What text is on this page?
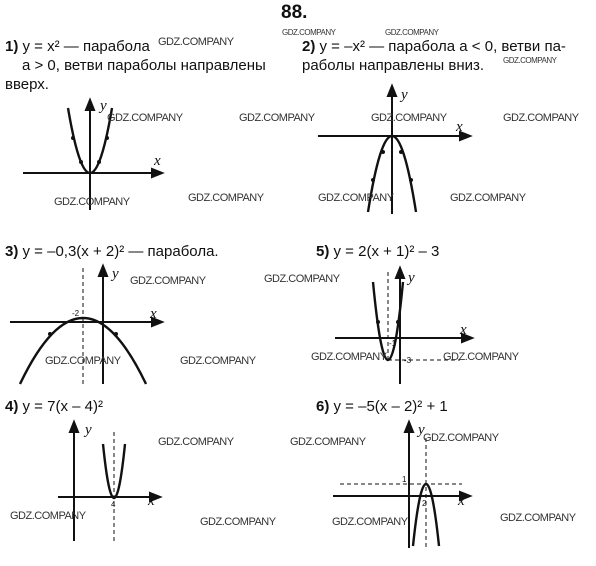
88.
1) y = x² — парабола
a > 0, ветви параболы направлены
вверх.
2) y = –x² — парабола a < 0, ветви па-
раболы направлены вниз.
3) y = –0,3(x + 2)² — парабола.	5) y = 2(x + 1)² – 3
4) y = 7(x – 4)²	6) y = –5(x – 2)² + 1
x
y
x
y
-2	x
y
-1
-3
x
y
4 x
y
1
2 x
y
GDZ.COMPANY
GDZ.COMPANY	GDZ.COMPANY
GDZ.COMPANY
GDZ.COMPANY	GDZ.COMPANY	GDZ.COMPANY	GDZ.COMPANY
GDZ.COMPANY	GDZ.COMPANY	GDZ.COMPANY	GDZ.COMPANY
GDZ.COMPANY	GDZ.COMPANY
GDZ.COMPANY	GDZ.COMPANY	GDZ.COMPANY	GDZ.COMPANY
GDZ.COMPANY	GDZ.COMPANY	GDZ.COMPANY
GDZ.COMPANY	GDZ.COMPANY	GDZ.COMPANY	GDZ.COMPANY
